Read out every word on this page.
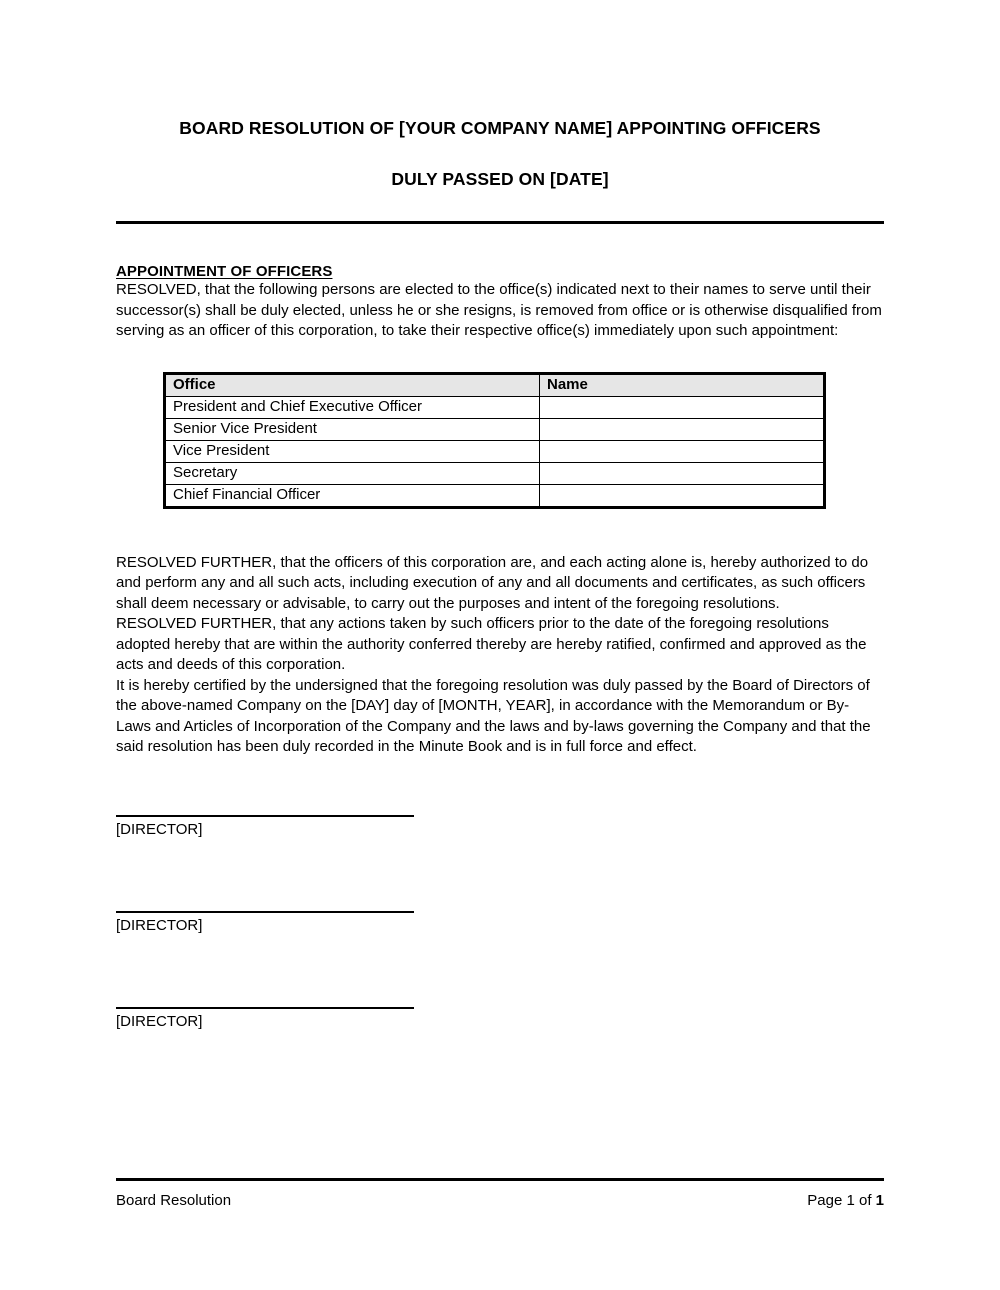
BOARD RESOLUTION OF [YOUR COMPANY NAME] APPOINTING OFFICERS
DULY PASSED ON [DATE]
APPOINTMENT OF OFFICERS

RESOLVED, that the following persons are elected to the office(s) indicated next to their names to serve until their successor(s) shall be duly elected, unless he or she resigns, is removed from office or is otherwise disqualified from serving as an officer of this corporation, to take their respective office(s) immediately upon such appointment:

Office	Name
President and Chief Executive Officer	
Senior Vice President	
Vice President	
Secretary	
Chief Financial Officer	

RESOLVED FURTHER, that the officers of this corporation are, and each acting alone is, hereby authorized to do and perform any and all such acts, including execution of any and all documents and certificates, as such officers shall deem necessary or advisable, to carry out the purposes and intent of the foregoing resolutions.

RESOLVED FURTHER, that any actions taken by such officers prior to the date of the foregoing resolutions adopted hereby that are within the authority conferred thereby are hereby ratified, confirmed and approved as the acts and deeds of this corporation.

It is hereby certified by the undersigned that the foregoing resolution was duly passed by the Board of Directors of the above-named Company on the [DAY] day of [MONTH, YEAR], in accordance with the Memorandum or By-Laws and Articles of Incorporation of the Company and the laws and by-laws governing the Company and that the said resolution has been duly recorded in the Minute Book and is in full force and effect.

[DIRECTOR]
[DIRECTOR]
[DIRECTOR]
Board Resolution	Page 1 of 1
